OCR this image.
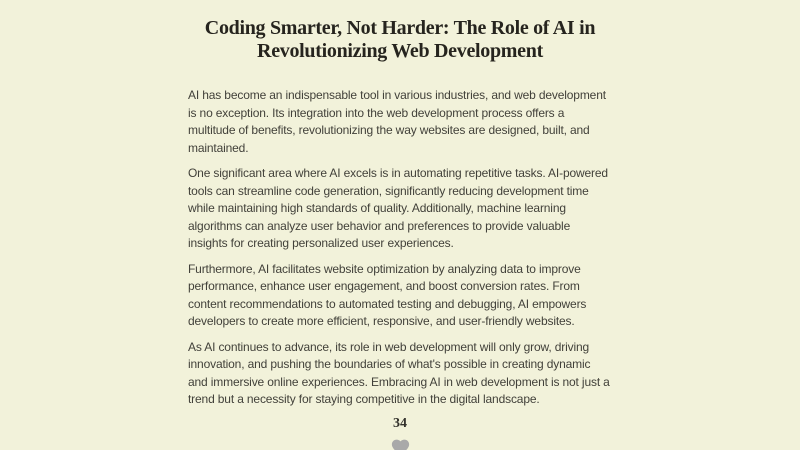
Coding Smarter, Not Harder: The Role of AI in
Revolutionizing Web Development

AI has become an indispensable tool in various industries, and web development is no exception. Its integration into the web development process offers a multitude of benefits, revolutionizing the way websites are designed, built, and maintained.

One significant area where AI excels is in automating repetitive tasks. AI-powered tools can streamline code generation, significantly reducing development time while maintaining high standards of quality. Additionally, machine learning algorithms can analyze user behavior and preferences to provide valuable insights for creating personalized user experiences.

Furthermore, AI facilitates website optimization by analyzing data to improve performance, enhance user engagement, and boost conversion rates. From content recommendations to automated testing and debugging, AI empowers developers to create more efficient, responsive, and user-friendly websites.

As AI continues to advance, its role in web development will only grow, driving innovation, and pushing the boundaries of what's possible in creating dynamic and immersive online experiences. Embracing AI in web development is not just a trend but a necessity for staying competitive in the digital landscape.

34
